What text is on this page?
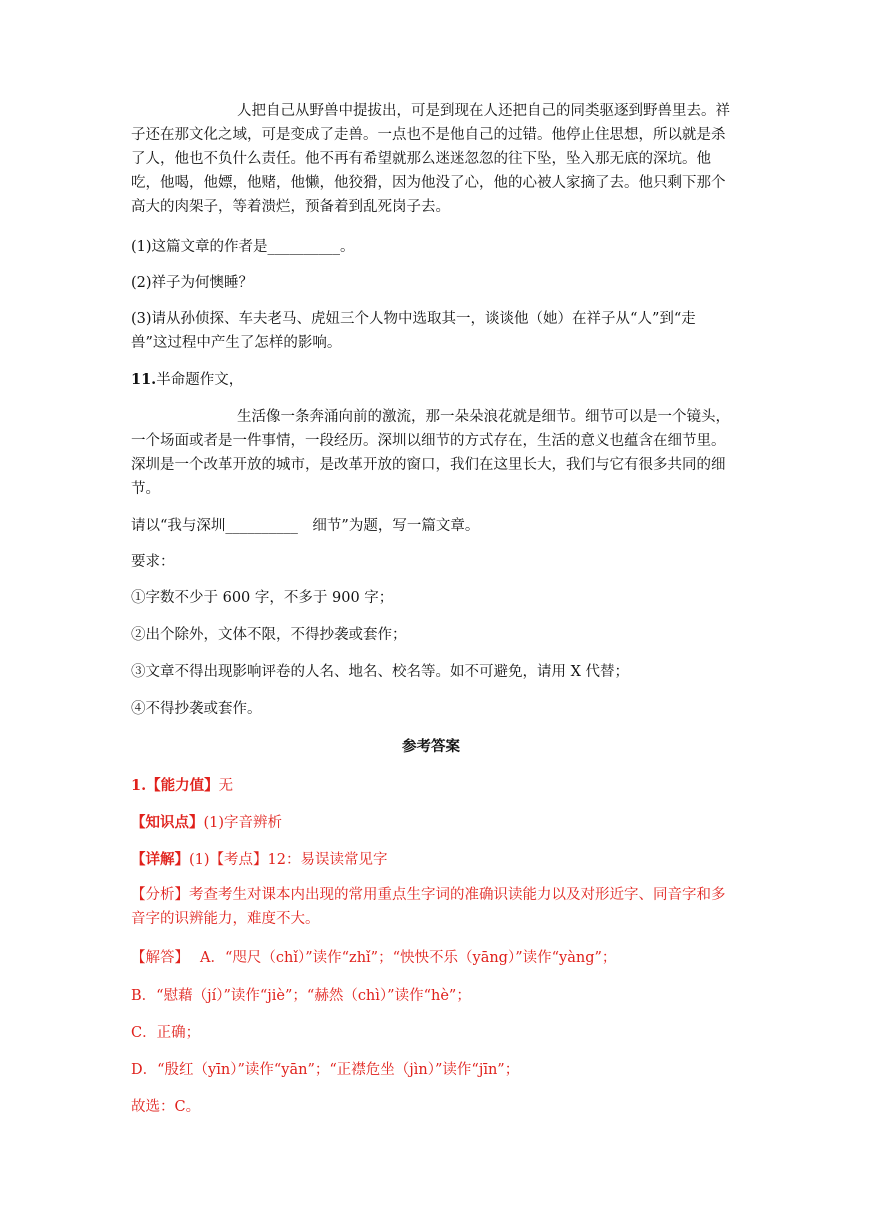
人把自己从野兽中提拔出，可是到现在人还把自己的同类驱逐到野兽里去。祥子还在那文化之域，可是变成了走兽。一点也不是他自己的过错。他停止住思想，所以就是杀了人，他也不负什么责任。他不再有希望就那么迷迷忽忽的往下坠，坠入那无底的深坑。他吃，他喝，他嫖，他赌，他懒，他狡猾，因为他没了心，他的心被人家摘了去。他只剩下那个高大的肉架子，等着溃烂，预备着到乱死岗子去。

(1)这篇文章的作者是__________。

(2)祥子为何懊睡？

(3)请从孙侦探、车夫老马、虎妞三个人物中选取其一，谈谈他（她）在祥子从“人”到“走兽”这过程中产生了怎样的影响。

11.半命题作文，

生活像一条奔涌向前的激流，那一朵朵浪花就是细节。细节可以是一个镜头，一个场面或者是一件事情，一段经历。深圳以细节的方式存在，生活的意义也蕴含在细节里。深圳是一个改革开放的城市，是改革开放的窗口，我们在这里长大，我们与它有很多共同的细节。

请以“我与深圳__________　细节”为题，写一篇文章。

要求：

①字数不少于 600 字，不多于 900 字；

②出个除外，文体不限，不得抄袭或套作；

③文章不得出现影响评卷的人名、地名、校名等。如不可避免，请用 X 代替；

④不得抄袭或套作。

参考答案

1.【能力值】无

【知识点】(1)字音辨析

【详解】(1)【考点】12：易误读常见字

【分析】考查考生对课本内出现的常用重点生字词的准确识读能力以及对形近字、同音字和多音字的识辨能力，难度不大。

【解答】 A．“咫尺（chǐ）”读作“zhǐ”；“怏怏不乐（yāng）”读作“yàng”；

B．“慰藉（jí）”读作“jiè”；“赫然（chì）”读作“hè”；

C．正确；

D．“殷红（yīn）”读作“yān”；“正襟危坐（jìn）”读作“jīn”；

故选：C。
